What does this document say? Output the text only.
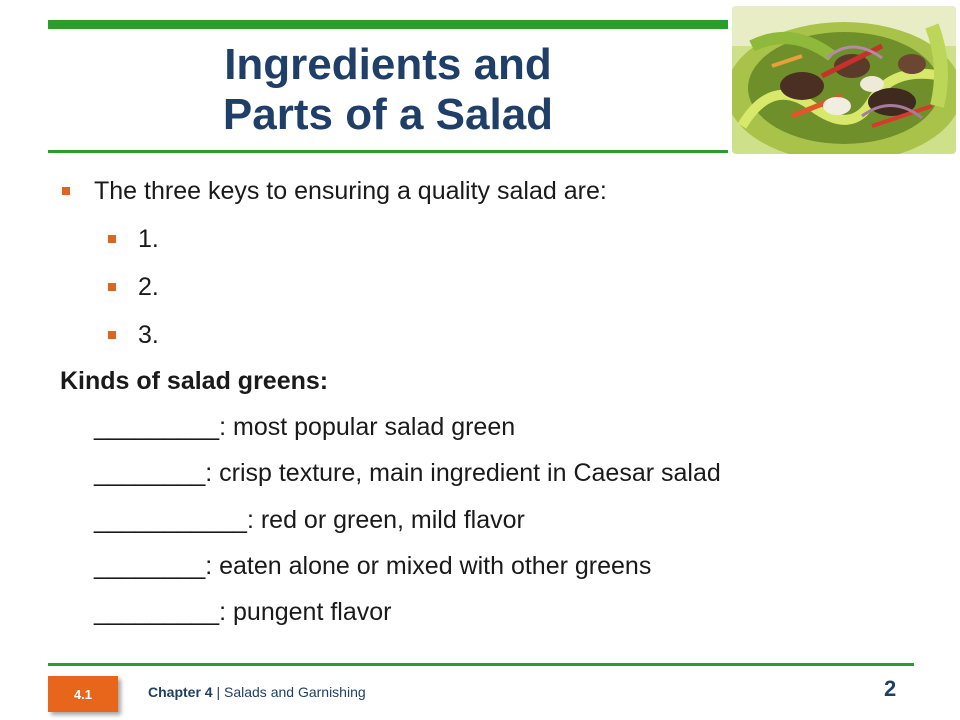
Ingredients and
Parts of a Salad
The three keys to ensuring a quality salad are:
1.
2.
3.
Kinds of salad greens:
_________: most popular salad green
________: crisp texture, main ingredient in Caesar salad
___________: red or green, mild flavor
________: eaten alone or mixed with other greens
_________: pungent flavor
4.1	Chapter 4 | Salads and Garnishing	2
